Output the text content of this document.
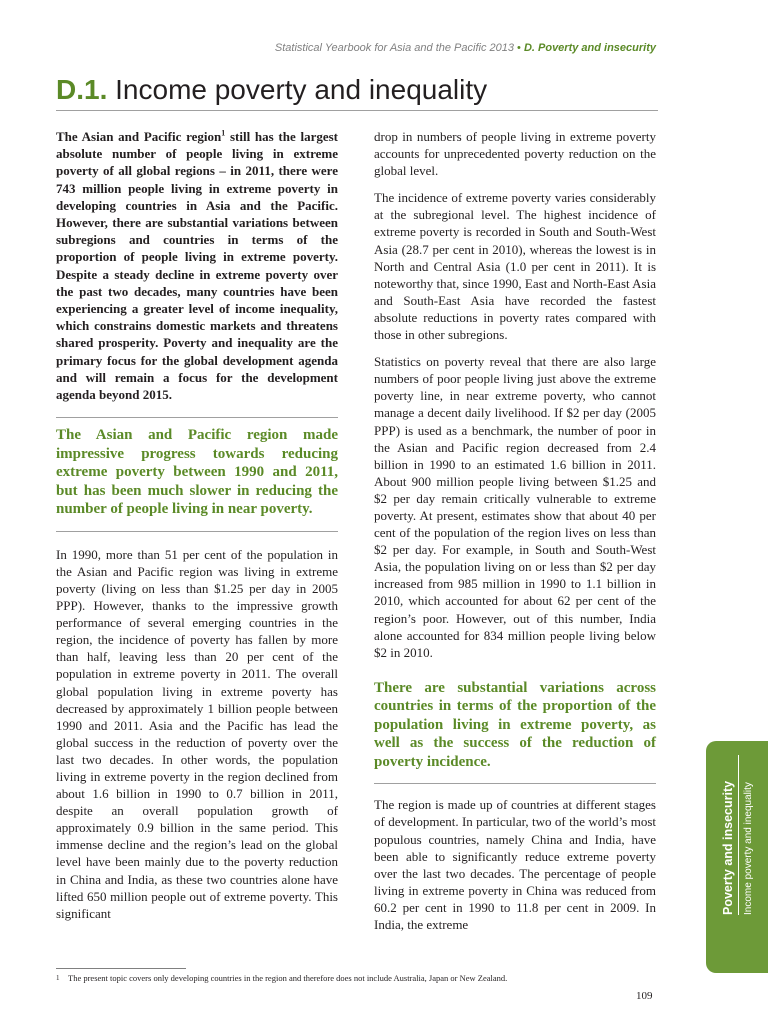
Statistical Yearbook for Asia and the Pacific 2013 • D. Poverty and insecurity
D.1. Income poverty and inequality

The Asian and Pacific region$^1$ still has the largest absolute number of people living in extreme poverty of all global regions – in 2011, there were 743 million people living in extreme poverty in developing countries in Asia and the Pacific. However, there are substantial variations between subregions and countries in terms of the proportion of people living in extreme poverty. Despite a steady decline in extreme poverty over the past two decades, many countries have been experiencing a greater level of income inequality, which constrains domestic markets and threatens shared prosperity. Poverty and inequality are the primary focus for the global development agenda and will remain a focus for the development agenda beyond 2015.

The Asian and Pacific region made impressive progress towards reducing extreme poverty between 1990 and 2011, but has been much slower in reducing the number of people living in near poverty.

In 1990, more than 51 per cent of the population in the Asian and Pacific region was living in extreme poverty (living on less than $1.25 per day in 2005 PPP). However, thanks to the impressive growth performance of several emerging countries in the region, the incidence of poverty has fallen by more than half, leaving less than 20 per cent of the population in extreme poverty in 2011. The overall global population living in extreme poverty has decreased by approximately 1 billion people between 1990 and 2011. Asia and the Pacific has lead the global success in the reduction of poverty over the last two decades. In other words, the population living in extreme poverty in the region declined from about 1.6 billion in 1990 to 0.7 billion in 2011, despite an overall population growth of approximately 0.9 billion in the same period. This immense decline and the region’s lead on the global level have been mainly due to the poverty reduction in China and India, as these two countries alone have lifted 650 million people out of extreme poverty. This significant

drop in numbers of people living in extreme poverty accounts for unprecedented poverty reduction on the global level.

The incidence of extreme poverty varies considerably at the subregional level. The highest incidence of extreme poverty is recorded in South and South-West Asia (28.7 per cent in 2010), whereas the lowest is in North and Central Asia (1.0 per cent in 2011). It is noteworthy that, since 1990, East and North-East Asia and South-East Asia have recorded the fastest absolute reductions in poverty rates compared with those in other subregions.

Statistics on poverty reveal that there are also large numbers of poor people living just above the extreme poverty line, in near extreme poverty, who cannot manage a decent daily livelihood. If $2 per day (2005 PPP) is used as a benchmark, the number of poor in the Asian and Pacific region decreased from 2.4 billion in 1990 to an estimated 1.6 billion in 2011. About 900 million people living between $1.25 and $2 per day remain critically vulnerable to extreme poverty. At present, estimates show that about 40 per cent of the population of the region lives on less than $2 per day. For example, in South and South-West Asia, the population living on or less than $2 per day increased from 985 million in 1990 to 1.1 billion in 2010, which accounted for about 62 per cent of the region’s poor. However, out of this number, India alone accounted for 834 million people living below $2 in 2010.

There are substantial variations across countries in terms of the proportion of the population living in extreme poverty, as well as the success of the reduction of poverty incidence.

The region is made up of countries at different stages of development. In particular, two of the world’s most populous countries, namely China and India, have been able to significantly reduce extreme poverty over the last two decades. The percentage of people living in extreme poverty in China was reduced from 60.2 per cent in 1990 to 11.8 per cent in 2009. In India, the extreme

1 The present topic covers only developing countries in the region and therefore does not include Australia, Japan or New Zealand.

109
Poverty and insecurity Income poverty and inequality
